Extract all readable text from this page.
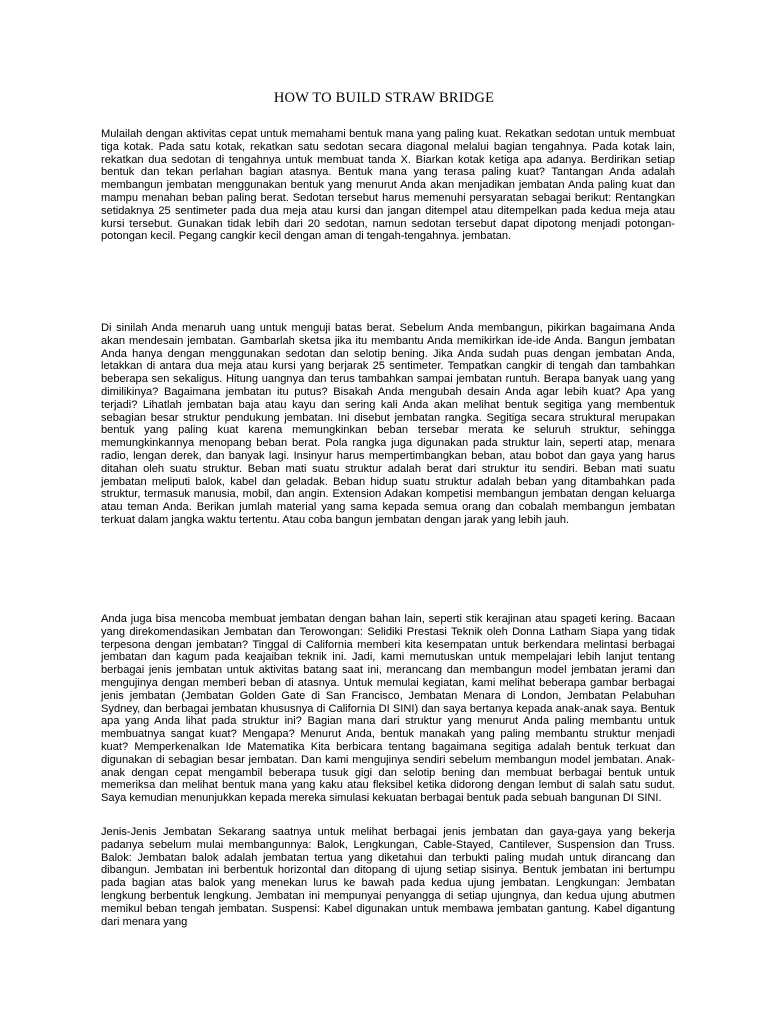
HOW TO BUILD STRAW BRIDGE

Mulailah dengan aktivitas cepat untuk memahami bentuk mana yang paling kuat. Rekatkan sedotan untuk membuat tiga kotak. Pada satu kotak, rekatkan satu sedotan secara diagonal melalui bagian tengahnya. Pada kotak lain, rekatkan dua sedotan di tengahnya untuk membuat tanda X. Biarkan kotak ketiga apa adanya. Berdirikan setiap bentuk dan tekan perlahan bagian atasnya. Bentuk mana yang terasa paling kuat? Tantangan Anda adalah membangun jembatan menggunakan bentuk yang menurut Anda akan menjadikan jembatan Anda paling kuat dan mampu menahan beban paling berat. Sedotan tersebut harus memenuhi persyaratan sebagai berikut: Rentangkan setidaknya 25 sentimeter pada dua meja atau kursi dan jangan ditempel atau ditempelkan pada kedua meja atau kursi tersebut. Gunakan tidak lebih dari 20 sedotan, namun sedotan tersebut dapat dipotong menjadi potongan-potongan kecil. Pegang cangkir kecil dengan aman di tengah-tengahnya. jembatan.

Di sinilah Anda menaruh uang untuk menguji batas berat. Sebelum Anda membangun, pikirkan bagaimana Anda akan mendesain jembatan. Gambarlah sketsa jika itu membantu Anda memikirkan ide-ide Anda. Bangun jembatan Anda hanya dengan menggunakan sedotan dan selotip bening. Jika Anda sudah puas dengan jembatan Anda, letakkan di antara dua meja atau kursi yang berjarak 25 sentimeter. Tempatkan cangkir di tengah dan tambahkan beberapa sen sekaligus. Hitung uangnya dan terus tambahkan sampai jembatan runtuh. Berapa banyak uang yang dimilikinya? Bagaimana jembatan itu putus? Bisakah Anda mengubah desain Anda agar lebih kuat? Apa yang terjadi? Lihatlah jembatan baja atau kayu dan sering kali Anda akan melihat bentuk segitiga yang membentuk sebagian besar struktur pendukung jembatan. Ini disebut jembatan rangka. Segitiga secara struktural merupakan bentuk yang paling kuat karena memungkinkan beban tersebar merata ke seluruh struktur, sehingga memungkinkannya menopang beban berat. Pola rangka juga digunakan pada struktur lain, seperti atap, menara radio, lengan derek, dan banyak lagi. Insinyur harus mempertimbangkan beban, atau bobot dan gaya yang harus ditahan oleh suatu struktur. Beban mati suatu struktur adalah berat dari struktur itu sendiri. Beban mati suatu jembatan meliputi balok, kabel dan geladak. Beban hidup suatu struktur adalah beban yang ditambahkan pada struktur, termasuk manusia, mobil, dan angin. Extension Adakan kompetisi membangun jembatan dengan keluarga atau teman Anda. Berikan jumlah material yang sama kepada semua orang dan cobalah membangun jembatan terkuat dalam jangka waktu tertentu. Atau coba bangun jembatan dengan jarak yang lebih jauh.

Anda juga bisa mencoba membuat jembatan dengan bahan lain, seperti stik kerajinan atau spageti kering. Bacaan yang direkomendasikan Jembatan dan Terowongan: Selidiki Prestasi Teknik oleh Donna Latham Siapa yang tidak terpesona dengan jembatan? Tinggal di California memberi kita kesempatan untuk berkendara melintasi berbagai jembatan dan kagum pada keajaiban teknik ini. Jadi, kami memutuskan untuk mempelajari lebih lanjut tentang berbagai jenis jembatan untuk aktivitas batang saat ini, merancang dan membangun model jembatan jerami dan mengujinya dengan memberi beban di atasnya. Untuk memulai kegiatan, kami melihat beberapa gambar berbagai jenis jembatan (Jembatan Golden Gate di San Francisco, Jembatan Menara di London, Jembatan Pelabuhan Sydney, dan berbagai jembatan khususnya di California DI SINI) dan saya bertanya kepada anak-anak saya. Bentuk apa yang Anda lihat pada struktur ini? Bagian mana dari struktur yang menurut Anda paling membantu untuk membuatnya sangat kuat? Mengapa? Menurut Anda, bentuk manakah yang paling membantu struktur menjadi kuat? Memperkenalkan Ide Matematika Kita berbicara tentang bagaimana segitiga adalah bentuk terkuat dan digunakan di sebagian besar jembatan. Dan kami mengujinya sendiri sebelum membangun model jembatan. Anak-anak dengan cepat mengambil beberapa tusuk gigi dan selotip bening dan membuat berbagai bentuk untuk memeriksa dan melihat bentuk mana yang kaku atau fleksibel ketika didorong dengan lembut di salah satu sudut. Saya kemudian menunjukkan kepada mereka simulasi kekuatan berbagai bentuk pada sebuah bangunan DI SINI.

Jenis-Jenis Jembatan Sekarang saatnya untuk melihat berbagai jenis jembatan dan gaya-gaya yang bekerja padanya sebelum mulai membangunnya: Balok, Lengkungan, Cable-Stayed, Cantilever, Suspension dan Truss. Balok: Jembatan balok adalah jembatan tertua yang diketahui dan terbukti paling mudah untuk dirancang dan dibangun. Jembatan ini berbentuk horizontal dan ditopang di ujung setiap sisinya. Bentuk jembatan ini bertumpu pada bagian atas balok yang menekan lurus ke bawah pada kedua ujung jembatan. Lengkungan: Jembatan lengkung berbentuk lengkung. Jembatan ini mempunyai penyangga di setiap ujungnya, dan kedua ujung abutmen memikul beban tengah jembatan. Suspensi: Kabel digunakan untuk membawa jembatan gantung. Kabel digantung dari menara yang
